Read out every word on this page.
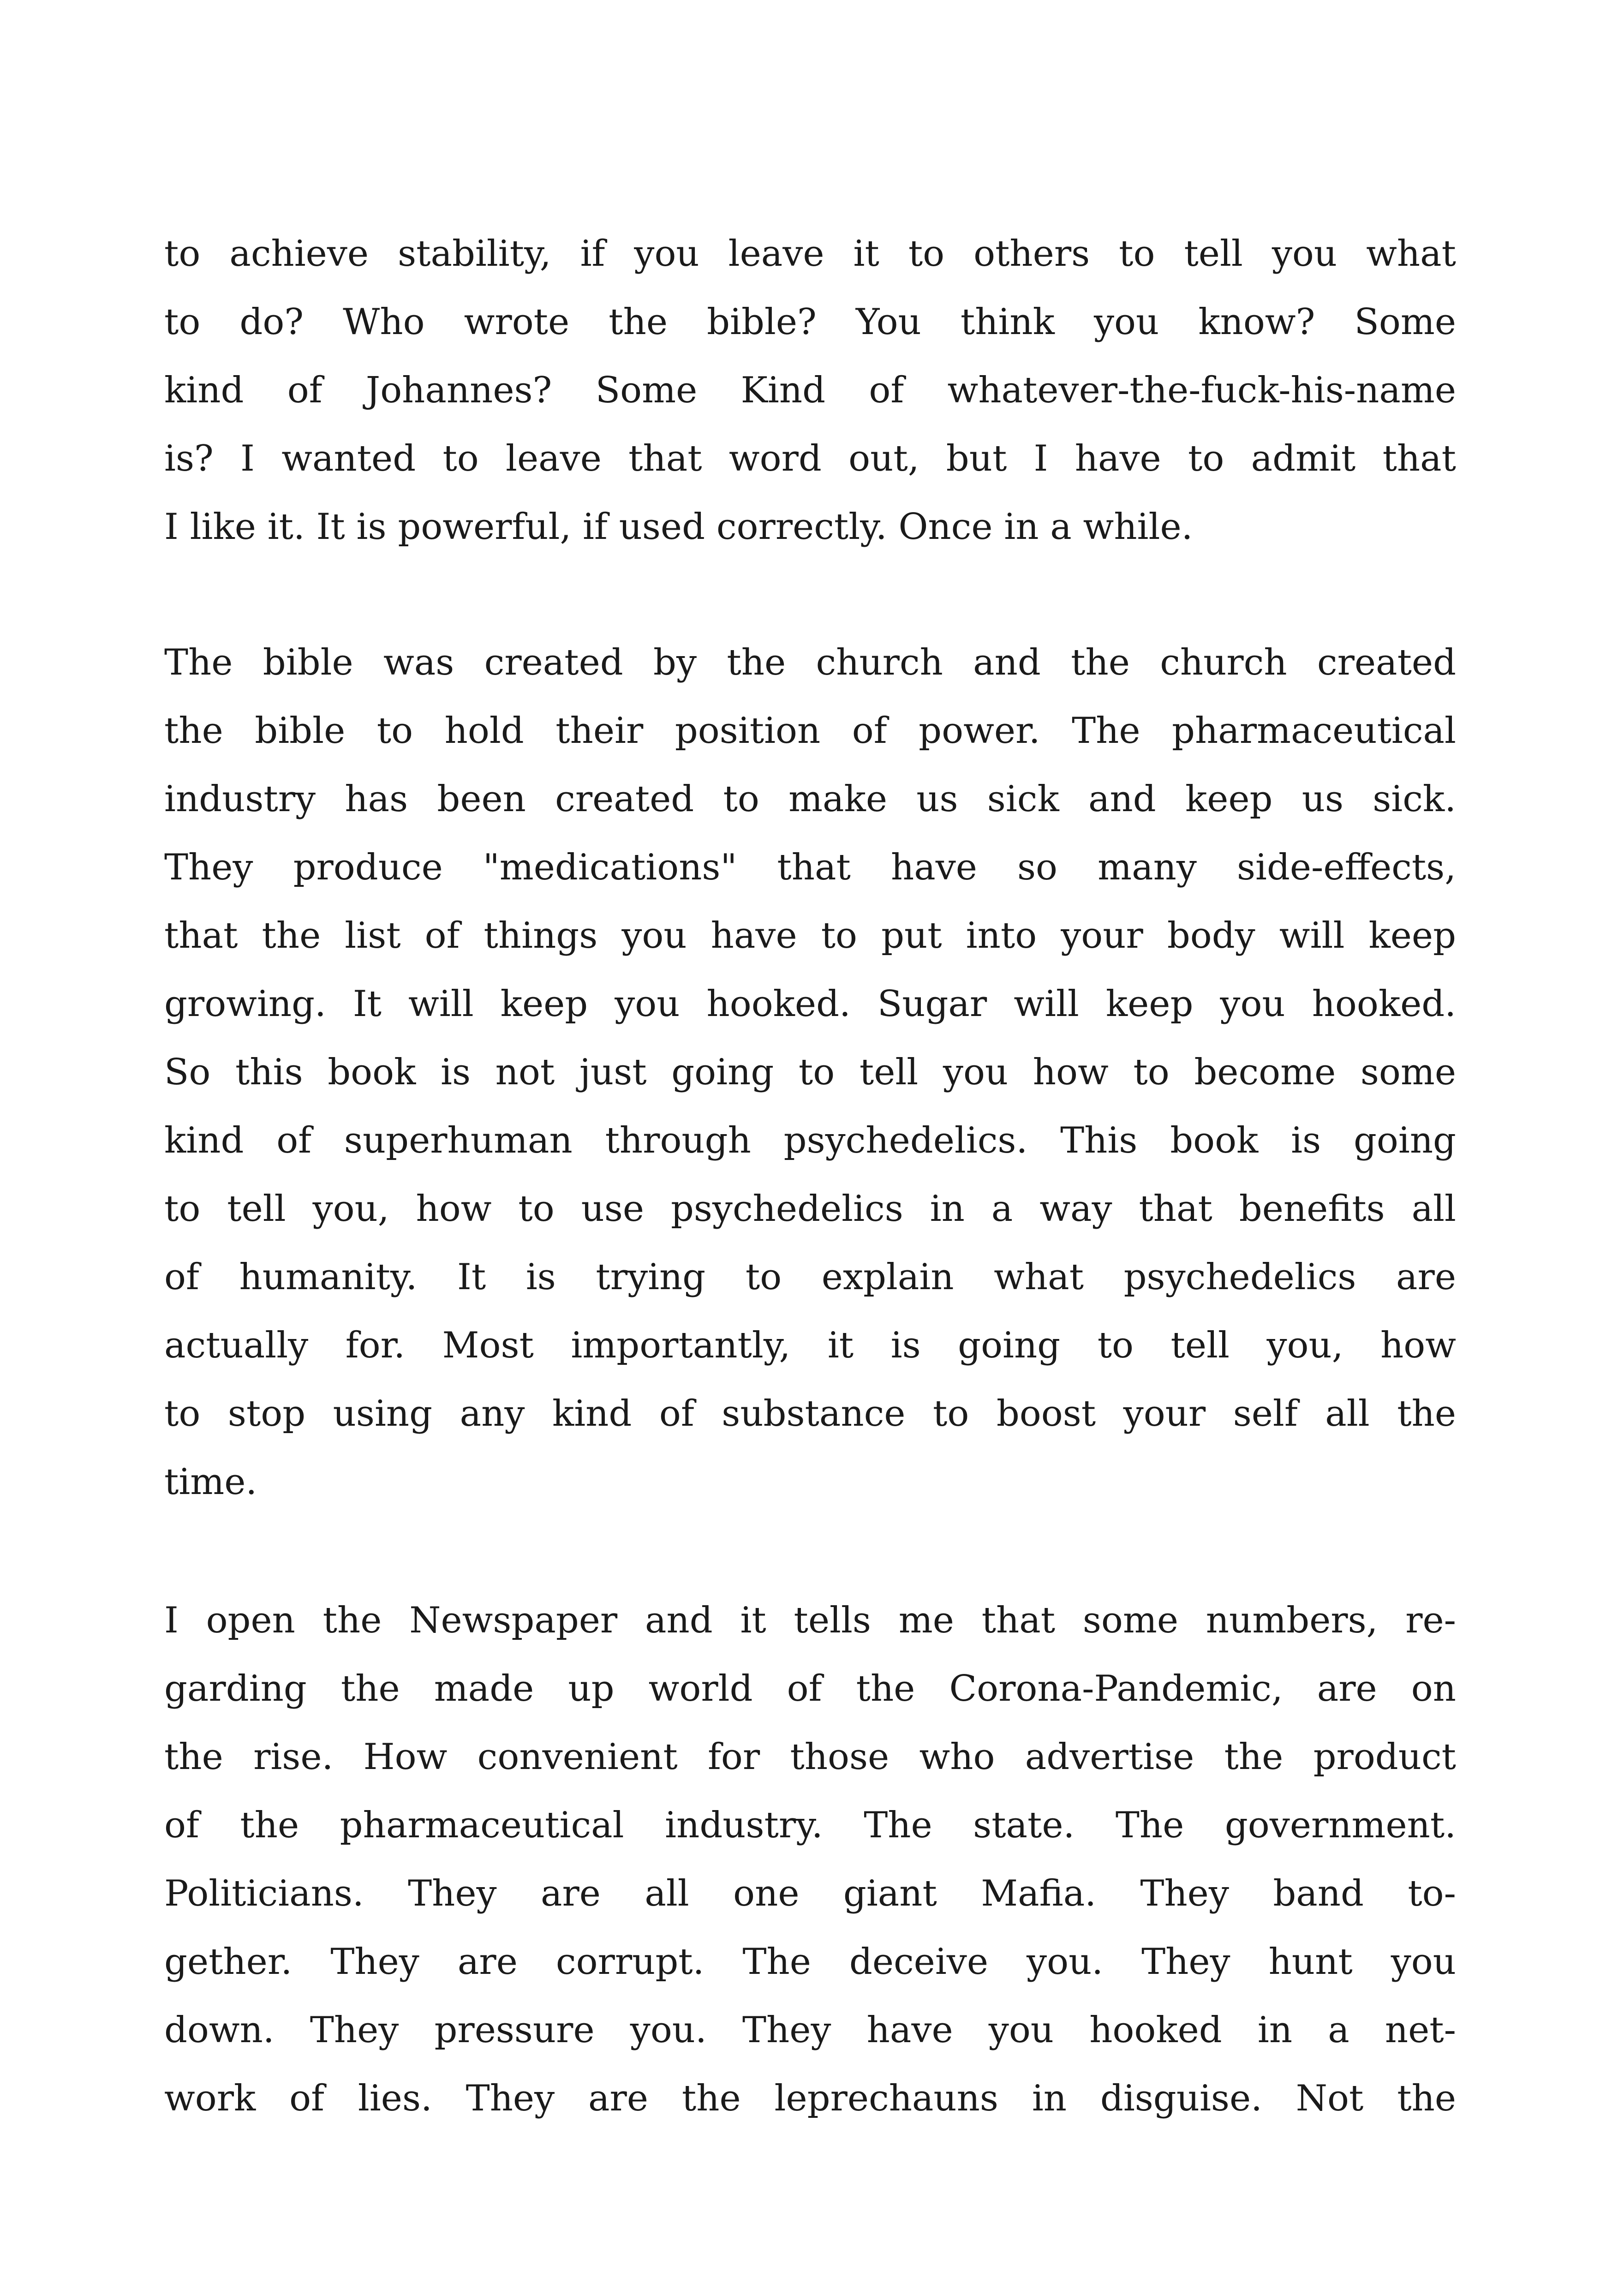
to achieve stability, if you leave it to others to tell you what
to do? Who wrote the bible? You think you know? Some
kind of Johannes? Some Kind of whatever-the-fuck-his-name
is? I wanted to leave that word out, but I have to admit that
I like it. It is powerful, if used correctly. Once in a while.
The bible was created by the church and the church created
the bible to hold their position of power. The pharmaceutical
industry has been created to make us sick and keep us sick.
They produce "medications" that have so many side-effects,
that the list of things you have to put into your body will keep
growing. It will keep you hooked. Sugar will keep you hooked.
So this book is not just going to tell you how to become some
kind of superhuman through psychedelics. This book is going
to tell you, how to use psychedelics in a way that benefits all
of humanity. It is trying to explain what psychedelics are
actually for. Most importantly, it is going to tell you, how
to stop using any kind of substance to boost your self all the
time.
I open the Newspaper and it tells me that some numbers, re-
garding the made up world of the Corona-Pandemic, are on
the rise. How convenient for those who advertise the product
of the pharmaceutical industry. The state. The government.
Politicians. They are all one giant Mafia. They band to-
gether. They are corrupt. The deceive you. They hunt you
down. They pressure you. They have you hooked in a net-
work of lies. They are the leprechauns in disguise. Not the
